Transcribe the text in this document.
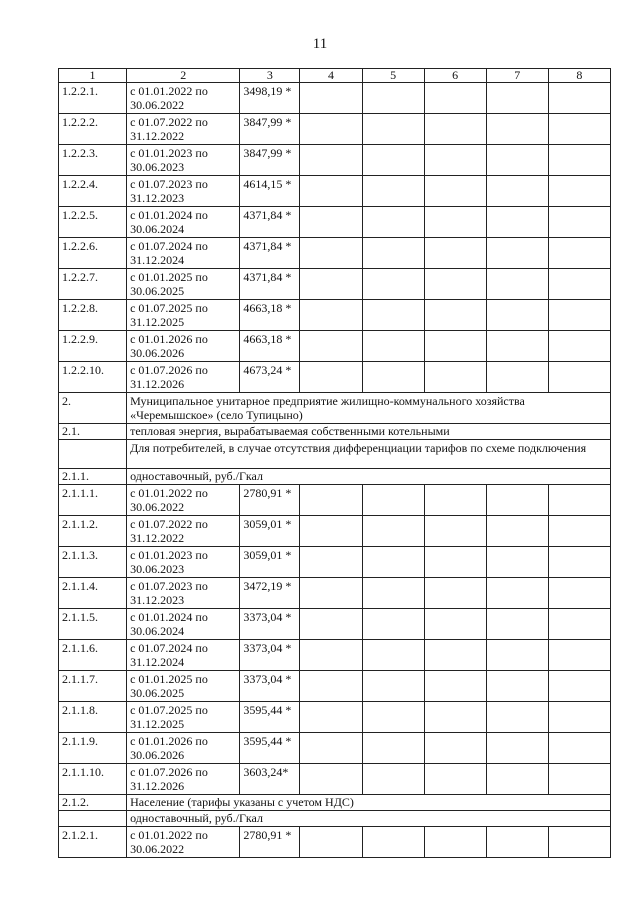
11
1	2	3	4	5	6	7	8
1.2.2.1.	с 01.01.2022 по 30.06.2022	3498,19 *					
1.2.2.2.	с 01.07.2022 по 31.12.2022	3847,99 *					
1.2.2.3.	с 01.01.2023 по 30.06.2023	3847,99 *					
1.2.2.4.	с 01.07.2023 по 31.12.2023	4614,15 *					
1.2.2.5.	с 01.01.2024 по 30.06.2024	4371,84 *					
1.2.2.6.	с 01.07.2024 по 31.12.2024	4371,84 *					
1.2.2.7.	с 01.01.2025 по 30.06.2025	4371,84 *					
1.2.2.8.	с 01.07.2025 по 31.12.2025	4663,18 *					
1.2.2.9.	с 01.01.2026 по 30.06.2026	4663,18 *					
1.2.2.10.	с 01.07.2026 по 31.12.2026	4673,24 *					
2.	Муниципальное унитарное предприятие жилищно-коммунального хозяйства «Черемышское» (село Тупицыно)						
2.1.	тепловая энергия, вырабатываемая собственными котельными						
	Для потребителей, в случае отсутствия дифференциации тарифов по схеме подключения						
2.1.1.	одноставочный, руб./Гкал						
2.1.1.1.	с 01.01.2022 по 30.06.2022	2780,91 *					
2.1.1.2.	с 01.07.2022 по 31.12.2022	3059,01 *					
2.1.1.3.	с 01.01.2023 по 30.06.2023	3059,01 *					
2.1.1.4.	с 01.07.2023 по 31.12.2023	3472,19 *					
2.1.1.5.	с 01.01.2024 по 30.06.2024	3373,04 *					
2.1.1.6.	с 01.07.2024 по 31.12.2024	3373,04 *					
2.1.1.7.	с 01.01.2025 по 30.06.2025	3373,04 *					
2.1.1.8.	с 01.07.2025 по 31.12.2025	3595,44 *					
2.1.1.9.	с 01.01.2026 по 30.06.2026	3595,44 *					
2.1.1.10.	с 01.07.2026 по 31.12.2026	3603,24*					
2.1.2.	Население (тарифы указаны с учетом НДС)						
	одноставочный, руб./Гкал						
2.1.2.1.	с 01.01.2022 по 30.06.2022	2780,91 *					
